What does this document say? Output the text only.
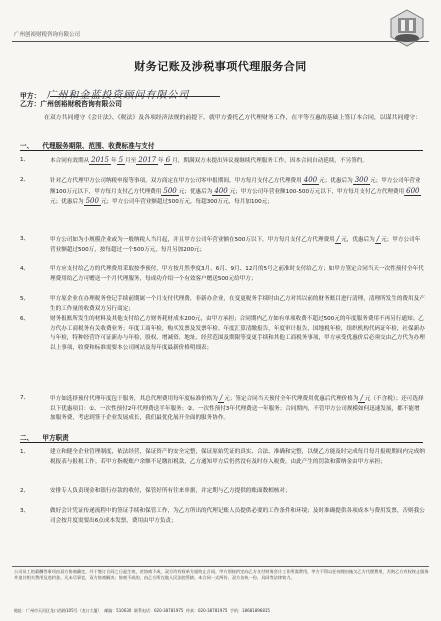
广州创裕财税咨询有限公司
财务记账及涉税事项代理服务合同
甲方： 广州和金蓝投资顾问有限公司
乙方：广州创裕财税咨询有限公司
在双方共同遵守《会计法》、《税法》及各项经济法规的前提下，就甲方委托乙方代理财务工作，在平等互惠的基础上签订本合同，以谋共同遵守：
一、 代理服务期限、范围、收费标准与支付
1、	本合同有效期从 2015 年 5 月至 2017 年 6 月，期满双方未提出异议视继续代理服务工作，因本合同自动延续，不另签约。
2、	针对乙方代理甲方公司纳税申报等事项，双方商定在甲方公司零申报期间，甲方每月支付乙方代理费用 400 元；优惠后为 300 元；甲方公司年营业额100万元以下，甲方每月支付乙方代理费用 500 元；优惠后为 400 元；甲方公司年营业额100-500万元以下，甲方每月支付乙方代理费用 600元；优惠后为 500 元；甲方公司年营业额超过500万元，每超300万元，每月加100元；
3、	甲方公司如为小规模企业或为一般纳税人当月起，并且甲方公司年营业额在500万以下，甲方每月支付乙方代理费用 / 元，优惠后为 / 元；甲方公司年营业额超过500万，按每超过一个500万元，每月另加200元；
4、	甲方应支付给乙方的代理费用采取按季预付，甲方按月然季度3月、6月、9月、12月的5号之前准时支付给乙方；如甲方签定合同当天一次性预付全年代理费用给乙方可赠送一个月代理服务，每成功介绍一个有效客户赠送500元给甲方；
5、	甲方原企业在办理税务登记手续前期属一个月支付代理费，非新办企业，在变更税务手续时由乙方对其以前的财务账目进行清理，清理所发生的费用及产生的工作量的收费双方另行商定；
6、	财务报账所发生的材料及其他支付给乙方财务耗材成本200元，由甲方承担；合同期内乙方如有单项收费不超过500元的年度服务费用不再另行通知；乙方代办工商税务有关收费业务；年度工商年检，购买发票及发票年检、年度汇算清缴报告，年度审计报告，国地税年检，组织机构代码证年检，社保新办与年检，特种经营许可证新办与年检，股权、增减资、地址、经营范围及期限等变更手续和其他工商税务事项，甲方承受优惠价后必须交由乙方代为办理以上事项，收费和标准需要本公司网站及每年度最新价格明细表；
7、	甲方如选择预付代理年度包干服务，其总代理费用每年度标准价格为 / 元；签定合同当天预付全年代理费用优惠后代理价格为 / 元（不含税）；还可选择以下优惠项目：①、一次性预付2年代理费送半年服务；②、一次性预付3年代理费送一年服务；合同期内，不管甲方公司规模如何迅速发展，都不能增加服务费，考虑到签于企业发展成长，我们最优化展开全面的服务协作。
二、 甲方职责
1、	建立和健全企业管理制度，依法经营，保证资产的安全完整，保证原始凭证的真实、合法、准确和完整，以便乙方能及时完成每月每月报税期间内完成纳税报表与报税工作。若甲方指税账户余额不足缴扣税款，乙方通知甲方后仍然没有及时存入税费，由此产生的罚款和滞纳金由甲方承担；
2、	安排专人负责现金和银行存款的收付，保管好所有往来单据，并定期与乙方提供的账面数相核对；
3、	做好会计凭证传递流程中的签证手续和保管工作，为乙方所出的代理记账人员提供必要的工作条件和环境；及时准确提供各项成本与费用发票，否则我公司会按月度需要出6点成本发票，费用由甲方负责；
公司员工的薪酬等事项由双方协商确定，并于签订合同之日起生效，若协商不成，双方均有权单方面终止合同。甲方须按约定向乙方支付财务会计工作所需费用，甲方不得以任何理由拖欠乙方代理费用，否则乙方有权终止服务并追讨相关费用及违约金。凡未尽事宜，双方协商解决；协商不成的，由乙方所在地人民法院管辖。本合同一式两份，双方各执一份，具同等法律效力。
地址：广州市天河区龙口西路105号（龙口大厦） 邮编：510630 联系电话：020-38781975 传真：020-38781975 手机：18681896815
